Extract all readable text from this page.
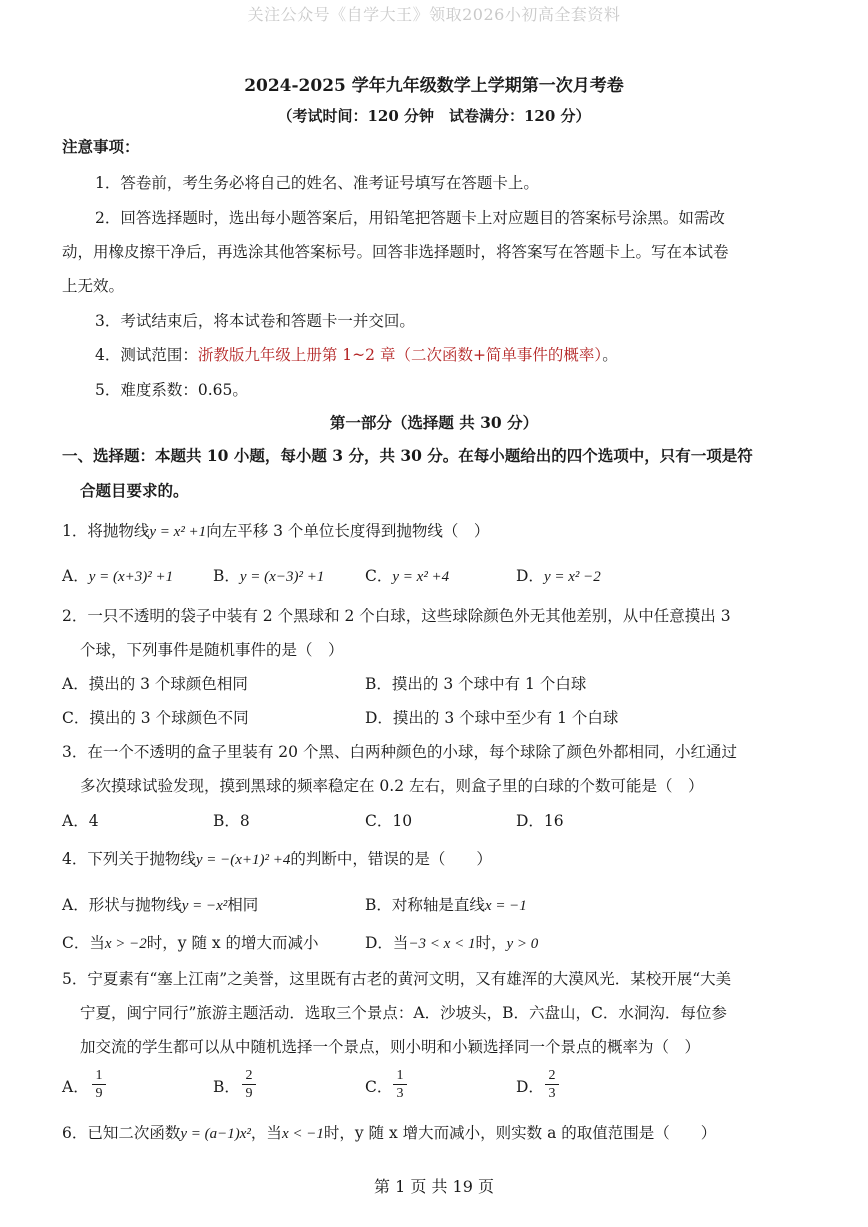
关注公众号《自学大王》领取2026小初高全套资料
2024-2025 学年九年级数学上学期第一次月考卷
（考试时间：120 分钟　试卷满分：120 分）
注意事项：
1．答卷前，考生务必将自己的姓名、准考证号填写在答题卡上。
2．回答选择题时，选出每小题答案后，用铅笔把答题卡上对应题目的答案标号涂黑。如需改
动，用橡皮擦干净后，再选涂其他答案标号。回答非选择题时，将答案写在答题卡上。写在本试卷
上无效。
3．考试结束后，将本试卷和答题卡一并交回。
4．测试范围：浙教版九年级上册第 1~2 章（二次函数+简单事件的概率）。
5．难度系数：0.65。
第一部分（选择题 共 30 分）
一、选择题：本题共 10 小题，每小题 3 分，共 30 分。在每小题给出的四个选项中，只有一项是符
合题目要求的。
1．将抛物线y = x² +1向左平移 3 个单位长度得到抛物线（　）
A．y = (x+3)² +1	B．y = (x−3)² +1	C．y = x² +4	D．y = x² −2
2．一只不透明的袋子中装有 2 个黑球和 2 个白球，这些球除颜色外无其他差别，从中任意摸出 3
个球，下列事件是随机事件的是（　）
A．摸出的 3 个球颜色相同	B．摸出的 3 个球中有 1 个白球
C．摸出的 3 个球颜色不同	D．摸出的 3 个球中至少有 1 个白球
3．在一个不透明的盒子里装有 20 个黑、白两种颜色的小球，每个球除了颜色外都相同，小红通过
多次摸球试验发现，摸到黑球的频率稳定在 0.2 左右，则盒子里的白球的个数可能是（　）
A．4	B．8	C．10	D．16
4．下列关于抛物线y = −(x+1)² +4的判断中，错误的是（　　）
A．形状与抛物线y = −x²相同	B．对称轴是直线x = −1
C．当x > −2时，y 随 x 的增大而减小	D．当−3 < x < 1时，y > 0
5．宁夏素有“塞上江南”之美誉，这里既有古老的黄河文明，又有雄浑的大漠风光．某校开展“大美
宁夏，闽宁同行”旅游主题活动．选取三个景点：A．沙坡头，B．六盘山，C．水洞沟．每位参
加交流的学生都可以从中随机选择一个景点，则小明和小颖选择同一个景点的概率为（　）
A．
1
9	B．
2
9	C．
1
3	D．
2
3
6．已知二次函数y = (a−1)x²，当x < −1时，y 随 x 增大而减小，则实数 a 的取值范围是（　　）
第 1 页 共 19 页
